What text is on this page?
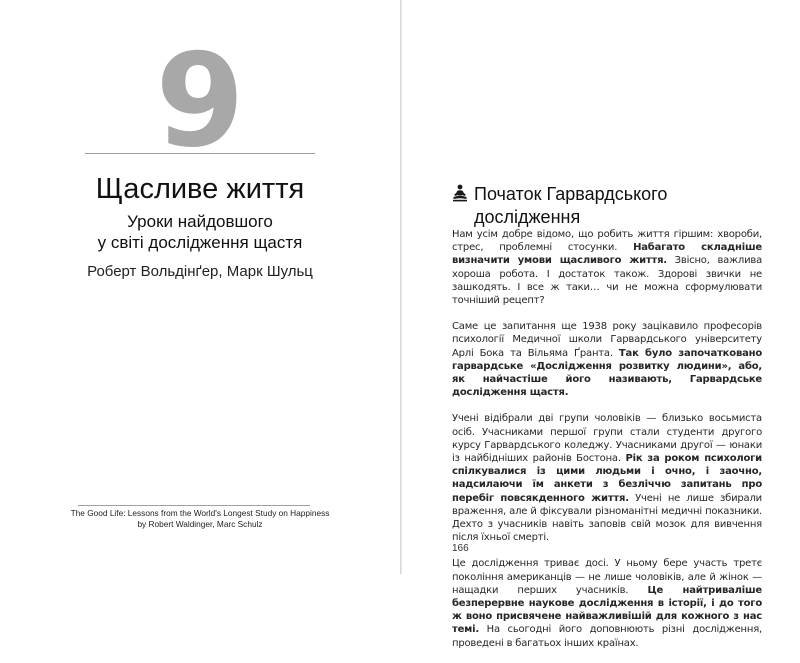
9
Щасливе життя
Уроки найдовшого
у світі дослідження щастя
Роберт Вольдінґер, Марк Шульц
The Good Life: Lessons from the World's Longest Study on Happiness
by Robert Waldinger, Marc Schulz
Початок Гарвардського
дослідження

Нам усім добре відомо, що робить життя гіршим: хвороби, стрес, проблемні стосунки. Набагато складніше визначити умови щасливого життя. Звісно, важлива хороша робота. І достаток також. Здорові звички не зашкодять. І все ж таки… чи не можна сформулювати точніший рецепт?

Саме це запитання ще 1938 року зацікавило професорів психології Медичної школи Гарвардського університету Арлі Бока та Вільяма Ґранта. Так було започатковано гарвардське «Дослідження розвитку людини», або, як найчастіше його називають, Гарвардське дослідження щастя.

Учені відібрали дві групи чоловіків — близько восьмиста осіб. Учасниками першої групи стали студенти другого курсу Гарвардського коледжу. Учасниками другої — юнаки із найбідніших районів Бостона. Рік за роком психологи спілкувалися із цими людьми і очно, і заочно, надсилаючи їм анкети з безліччю запитань про перебіг повсякденного життя. Учені не лише збирали враження, але й фіксували різноманітні медичні показники. Дехто з учасників навіть заповів свій мозок для вивчення після їхньої смерті.

Це дослідження триває досі. У ньому бере участь третє покоління американців — не лише чоловіків, але й жінок — нащадки перших учасників. Це найтриваліше безперервне наукове дослідження в історії, і до того ж воно присвячене найважливішій для кожного з нас темі. На сьогодні його доповнюють різні дослідження, проведені в багатьох інших країнах.

166
